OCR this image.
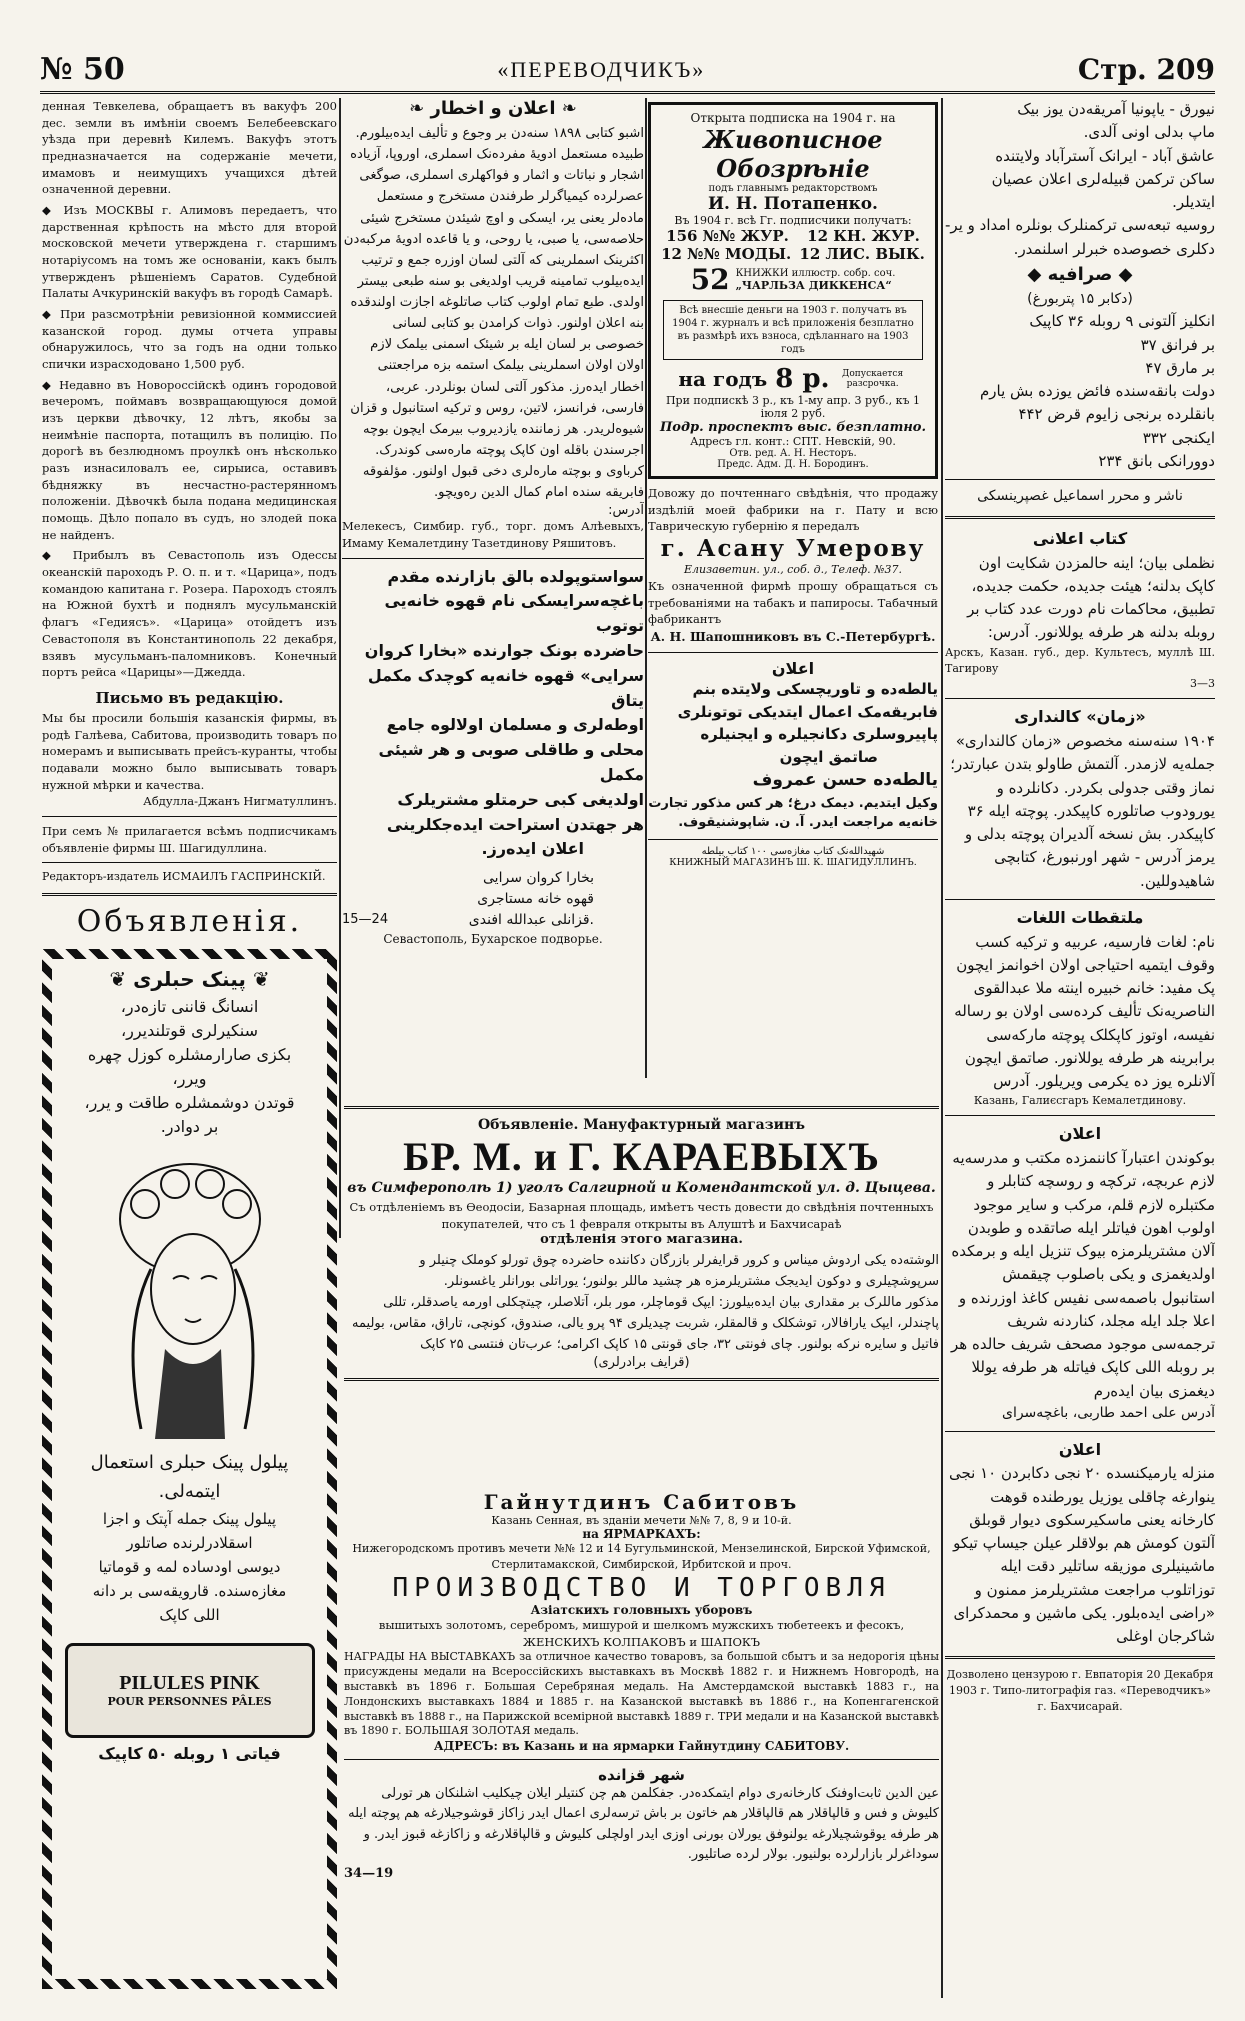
№ 50	«ПЕРЕВОДЧИКЪ»	Стр. 209

денная Тевкелева, обращаетъ въ вакуфъ 200 дес. земли въ имѣніи своемъ Белебеевскаго уѣзда при деревнѣ Килемъ. Вакуфъ этотъ предназначается на содержаніе мечети, имамовъ и неимущихъ учащихся дѣтей означенной деревни.

◆ Изъ МОСКВЫ г. Алимовъ передаетъ, что дарственная крѣпость на мѣсто для второй московской мечети утверждена г. старшимъ нотаріусомъ на томъ же основаніи, какъ былъ утвержденъ рѣшеніемъ Саратов. Судебной Палаты Ачкуринскій вакуфъ въ городѣ Самарѣ.

◆ При разсмотрѣніи ревизіонной коммиссией казанской город. думы отчета управы обнаружилось, что за годъ на одни только спички израсходовано 1,500 руб.

◆ Недавно въ Новороссійскѣ одинъ городовой вечеромъ, поймавъ возвращающуюся домой изъ церкви дѣвочку, 12 лѣтъ, якобы за неимѣніе паспорта, потащилъ въ полицію. По дорогѣ въ безлюдномъ проулкѣ онъ нѣсколько разъ изнасиловалъ ее, сирыиса, оставивъ бѣдняжку въ несчастно-растерянномъ положеніи. Дѣвочкѣ была подана медицинская помощь. Дѣло попало въ судъ, но злодей пока не найденъ.

◆ Прибылъ въ Севастополь изъ Одессы океанскій пароходъ Р. О. п. и т. «Царица», подъ командою капитана г. Розера. Пароходъ стоялъ на Южной бухтѣ и поднялъ мусульманскій флагъ «Гедиясъ». «Царица» отойдетъ изъ Севастополя въ Константинополь 22 декабря, взявъ мусульманъ-паломниковъ. Конечный портъ рейса «Царицы»—Джедда.

Письмо въ редакцію.

Мы бы просили большія казанскія фирмы, въ родѣ Галѣева, Сабитова, производить товаръ по номерамъ и выписывать прейсъ-куранты, чтобы подавали можно было выписывать товаръ нужной мѣрки и качества.

Абдулла-Джанъ Нигматуллинъ.

При семъ № прилагается всѣмъ подписчикамъ объявленіе фирмы Ш. Шагидуллина.

Редакторъ-издатель ИСМАИЛЪ ГАСПРИНСКІЙ.
Объявленія.
❦ پینک حبلری ❦
انسانگ قاننی تازه‌در،
سنکیرلری قوتلندیرر،
بکزی صارارمشلره کوزل چهره
ویرر،
قوتدن دوشمشلره طاقت و یرر،
بر دوادر.
پیلول پینک حبلری استعمال
ایتمه‌لی.
پیلول پینک جمله آپتک و اجزا
اسقلادرلرنده صاتلور
دیوسی اودساده لمه و قوماتیا
مغازه‌سنده. قارویقه‌سی بر دانه
اللی کاپک
PILULES PINK
POUR PERSONNES PÂLES
فیاتی ۱ روبله ۵۰ کاپیک
❧ اعلان و اخطار ❧

اشبو کتابی ۱۸۹۸ سنه‌دن بر وجوع و تألیف ایده‌بیلورم. طبیده مستعمل ادویهٔ مفرده‌نک اسملری، اوروپا، آزیاده اشجار و نباتات و اثمار و فواکهلری اسملری، صوگغی عصرلرده کیمیاگرلر طرفندن مستخرج و مستعمل ماده‌لر یعنی یر، ایسکی و اوچ شیئدن مستخرج شیئی حلاصه‌سی، یا صبی، یا روحی، و یا قاعده ادویهٔ مرکبه‌دن اکثرینک اسملرینی که آلتی لسان اوزره جمع و ترتیب ایده‌بیلوب تمامینه قریب اولدیغی بو سنه طبعی بیستر اولدی. طبع تمام اولوب کتاب صاتلوغه اجازت اولندقده بنه اعلان اولنور. ذوات کرامدن بو کتابی لسانی خصوصی بر لسان ایله بر شیئک اسمنی بیلمک لازم اولان اولان اسملرینی بیلمک استمه بزه مراجعتنی اخطار ایده‌رز. مذکور آلتی لسان بونلردر. عربی، فارسی، فرانسز، لاتین، روس و ترکیه‌‌ استانبول و قزان شیوه‌لریدر. هر زماننده یازدیروب بیرمک ایچون بوچه اجرسندن باقله اون کاپک پوچته ماره‌سی کوندرک. کرباوی و بوچته ماره‌لری دخی قبول اولنور. مؤلفوقه فابریقه سنده امام کمال الدین ره‌ویچو.

آدرس:

Мелекесъ, Симбир. губ., торг. домъ Алѣевыхъ, Имаму Кемалетдину Тазетдинову Ряшитовъ.

سواستوپولده بالق بازارنده مقدم
باغچه‌سرایسکی نام قهوه خانه‌یی توتوب
حاضرده بونک جوارنده «بخارا کروان
سرایی» قهوه خانه‌یه کوچدک مکمل یتاق
اوطه‌لری و مسلمان اولالوه جامع
محلی و طاقلی صوبی و هر شیئی مکمل
اولدیغی کبی حرمتلو مشتریلرک
هر جهتدن استراحت ایده‌جکلرینی
اعلان ایده‌رز.
بخارا کروان سرایی
قهوه خانه مستاجری
15—24	قزانلی عبدالله افندی.
Севастополь, Бухарское подворье.
Открыта подписка на 1904 г. на
Живописное
Обозрѣніе
подъ главнымъ редакторствомъ
И. Н. Потапенко.
Въ 1904 г. всѣ Гг. подписчики получатъ:
156 №№ ЖУР. 12 КН. ЖУР.
12 №№ МОДЫ. 12 ЛИС. ВЫК.
52 КНИЖКИ иллюстр. собр. соч.
„ЧАРЛЬЗА ДИККЕНСА“
Всѣ внесшіе деньги на 1903 г. получатъ въ 1904 г. журналъ и всѣ приложенія безплатно въ размѣрѣ ихъ взноса, сдѣланнаго на 1903 годъ
на годъ 8 р.	Допускается разсрочка.
При подпискѣ 3 р., къ 1-му апр. 3 руб., къ 1 іюля 2 руб.
Подр. проспектъ выс. безплатно.
Адресъ гл. конт.: СПТ. Невскій, 90.
Отв. ред. А. Н. Несторъ.
Предс. Адм. Д. Н. Бородинъ.

Довожу до почтеннаго свѣдѣнія, что продажу издѣлій моей фабрики на г. Пату и всю Таврическую губернію я передалъ

г. Асану Умерову
Елизаветин. ул., соб. д., Телеф. №37.

Къ означенной фирмѣ прошу обращаться съ требованіями на табакъ и папиросы. Табачный фабрикантъ

А. Н. Шапошниковъ въ С.-Петербургѣ.
اعلان
یالطه‌ده و تاوریچسکی ولایتده بنم
فابریقه‌مک اعمال ایتدیکی توتونلری
پاپیروسلری دکانجیلره و ایجنیلره
صاتمق ایچون
یالطه‌ده حسن عمروف
وکیل ایتدیم. دیمک درغ؛ هر کس مذکور تجارت خانه‌یه مراجعت ایدر. آ. ن. شاپوشنیقوف.
شهیدالله‌نک کتاب مغازه‌سی ۱۰۰ کتاب بیلطه
КНИЖНЫЙ МАГАЗИНЪ Ш. К. ШАГИДУЛЛИНЪ.
Объявленіе. Мануфактурный магазинъ
БР. М. и Г. КАРАЕВЫХЪ
въ Симферополѣ 1) уголъ Салгирной и Комендантской ул. д. Цыцева.

Съ отдѣленіемъ въ Ѳеодосіи, Базарная площадь, имѣетъ честь довести до свѣдѣнія почтенныхъ покупателей, что съ 1 февраля открыты въ Алуштѣ и Бахчисараѣ

отдѣленія этого магазина.

الوشته‌ده یکی اردوش میناس و کرور قرایفرلر بازرگان دکاننده حاضرده چوق تورلو کوملک چنیلر و سرپوشچیلری و دوکون ایدیجک مشتریلرمزه هر چشید ماللر بولنور؛ یوراتلی بورانلر یاغسونلر.

مذکور ماللرک بر مقداری بیان ایده‌بیلورز: ایپک قوماچلر، مور بلر، آتلاصلر، چیتچکلی اورمه یاصدقلر، تللی پاچندلر، ایپک یارافالار، توشکلک و قالمقلر، شربت چیدیلری ۹۴ پرو یالی، صندوق، کونچی، تاراق، مقاس، بولیمه فاتیل و سایره نرکه بولنور. چای فونتی ۳۲، جای قونتی ۱۵ کاپک اکرامی؛ عرب‌تان فنتسی ۲۵ کاپک

(قرایف برادرلری)
Гайнутдинъ Сабитовъ
Казань Сенная, въ зданіи мечети №№ 7, 8, 9 и 10-й.
на ЯРМАРКАХЪ:

Нижегородскомъ противъ мечети №№ 12 и 14 Бугульминской, Мензелинской, Бирской Уфимской, Стерлитамакской, Симбирской, Ирбитской и проч.

ПРОИЗВОДСТВО И ТОРГОВЛЯ
Азіатскихъ головныхъ уборовъ

вышитыхъ золотомъ, серебромъ, мишурой и шелкомъ мужскихъ тюбетеекъ и фесокъ, ЖЕНСКИХЪ КОЛПАКОВЪ и ШАПОКЪ

НАГРАДЫ НА ВЫСТАВКАХЪ за отличное качество товаровъ, за большой сбытъ и за недорогія цѣны присуждены медали на Всероссійскихъ выставкахъ въ Москвѣ 1882 г. и Нижнемъ Новгородѣ, на выставкѣ въ 1896 г. Большая Серебряная медаль. На Амстердамской выставкѣ 1883 г., на Лондонскихъ выставкахъ 1884 и 1885 г. на Казанской выставкѣ въ 1886 г., на Копенгагенской выставкѣ въ 1888 г., на Парижской всемірной выставкѣ 1889 г. ТРИ медали и на Казанской выставкѣ въ 1890 г. БОЛЬШАЯ ЗОЛОТАЯ медаль.

АДРЕСЪ: въ Казань и на ярмарки Гайнутдину САБИТОВУ.
شهر قزانده

عین الدین ثابت‌اوفنک کارخانه‌ری دوام ایتمکده‌در. جفکلمن هم چن کنتیلر ایلان چیکلیب اشلنکان هر تورلی کلیوش و فس و قالپاقلار هم قالپاقلار هم خاتون بر باش ترسه‌لری اعمال ایدر زاکاز قوشوجیلارغه هم پوچته ایله هر طرفه یوقوشچیلارغه یولنوفق یورلان بورنی اوزی ایدر اولچلی کلیوش و قالپاقلارغه و زاکازغه قبوز ایدر. و سوداغرلر بازارلرده بولنیور. بولار لرده صاتلیور.

34—19
نیورق - یاپونیا آمریقه‌دن یوز بیک
ماپ بدلی اونی آلدی.
عاشق آباد - ایرانک آسترآباد ولایتنده
ساکن ترکمن قبیله‌لری اعلان عصیان ایتدیلر.
روسیه تبعه‌سی ترکمنلرک بونلره امداد و یر-
دکلری خصوصده خبرلر اسلنمدر.
◆ صرافیه ◆
(دکابر ۱۵ پتربورغ)
انکلیز آلتونی ۹ روبله ۳۶ کاپیک
بر فرانق ۳۷
بر مارق ۴۷
دولت بانقه‌سنده فائض یوزده بش یارم
بانقلرده برنجی زایوم قرض ۴۴۲
ایکنجی ۳۳۲
دوورانکی بانق ۲۳۴
ناشر و محرر اسماعیل غصپرینسکی
کتاب اعلانی

نظملی بیان؛ اینه حالمزدن شکایت اون کاپک بدلنه؛ هیئت جدیده، حکمت جدیده، تطبیق، محاکمات نام دورت عدد کتاب بر روبله بدلنه هر طرفه یوللانور. آدرس:

Арскъ, Казан. губ., дер. Культесъ, муллѣ Ш. Тагирову
3—3
«زمان» کالنداری

۱۹۰۴ سنه‌سنه مخصوص «زمان کالنداری» جمله‌یه لازمدر. آلتمش طاولو بتدن عبارتدر؛ نماز وقتی جدولی بکردر. دکانلرده و یورودوب صاتلوره کاپیکدر. پوچته ایله ۳۶ کاپیکدر. بش نسخه آلدیران پوچته بدلی و یرمز آدرس - شهر اورنبورغ، کتابچی شاهیدوللین.

ملتقطات اللغات

نام: لغات فارسیه، عربیه و ترکیه کسب وقوف ایتمیه احتیاجی اولان اخوانمز ایچون پک مفید: خانم خبیره اینته ملا عبدالقوی الناصریه‌نک تألیف کرده‌سی اولان بو رساله نفیسه، اوتوز کاپکلک پوچته مارکه‌سی برابرینه هر طرفه یوللانور. صاتمق ایچون آلانلره یوز ده یکرمی ویریلور. آدرس

Казань, Галиєсгаръ Кемалетдинову.
اعلان

بوکوندن اعتبارآ کاننمزده مکتب و مدرسه‌یه لازم عربچه، ترکچه و روسچه کتابلر و مکتبلره لازم قلم، مرکب و سایر موجود اولوب اهون فیاتلر ایله صاتقده و طوبدن آلان مشتریلرمزه بیوک تنزیل ایله و برمکده اولدیغمزی و یکی باصلوب چیقمش استانبول باصمه‌سی نفیس کاغذ اوزرنده و اعلا جلد ایله مجلد، کناردنه شریف ترجمه‌سی موجود مصحف شریف حالده هر بر روبله اللی کاپک فیاتله هر طرفه یوللا دیغمزی بیان ایده‌رم

آدرس علی احمد طاربی، باغچه‌سرای
اعلان

منزله یارمیکنسده ۲۰ نجی دکابردن ۱۰ نجی ینوارغه چاقلی یوزیل یورطنده قوهت کارخانه یعنی ماسکیرسکوی دیوار قوبلق آلتون کومش هم بولاقلر عیلن جیساپ تیکو ماشینیلری موزیقه ساتلیر دقت ایله توزاتلوب مراجعت مشتریلرمز ممنون و «راضی ایده‌بلور. یکی ماشین و محمدکرای شاکرجان اوغلی

Дозволено цензурою г. Евпаторія 20 Декабря 1903 г. Типо-литографія газ. «Переводчикъ» г. Бахчисарай.
